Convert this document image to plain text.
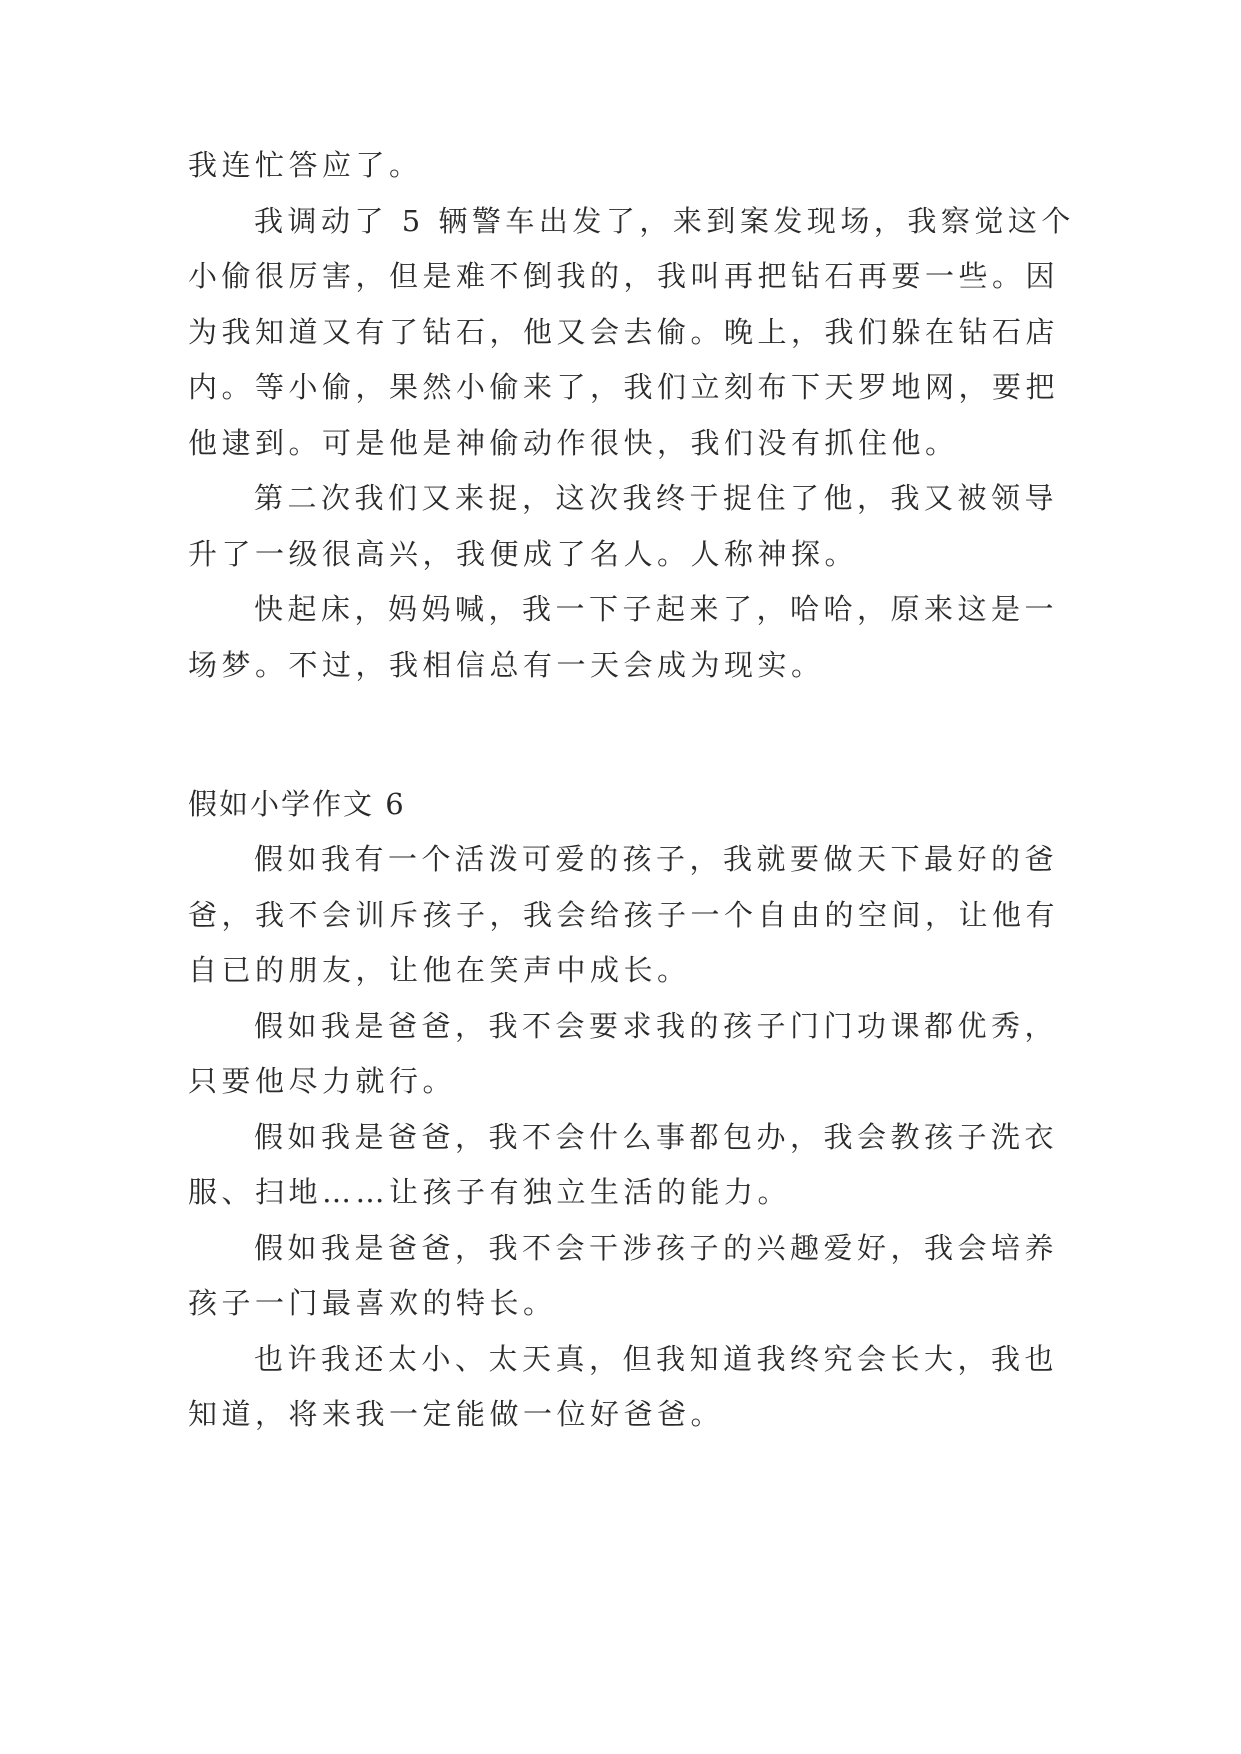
我连忙答应了。
我调动了 5 辆警车出发了，来到案发现场，我察觉这个
小偷很厉害，但是难不倒我的，我叫再把钻石再要一些。因
为我知道又有了钻石，他又会去偷。晚上，我们躲在钻石店
内。等小偷，果然小偷来了，我们立刻布下天罗地网，要把
他逮到。可是他是神偷动作很快，我们没有抓住他。
第二次我们又来捉，这次我终于捉住了他，我又被领导
升了一级很高兴，我便成了名人。人称神探。
快起床，妈妈喊，我一下子起来了，哈哈，原来这是一
场梦。不过，我相信总有一天会成为现实。
假如小学作文 6
假如我有一个活泼可爱的孩子，我就要做天下最好的爸
爸，我不会训斥孩子，我会给孩子一个自由的空间，让他有
自已的朋友，让他在笑声中成长。
假如我是爸爸，我不会要求我的孩子门门功课都优秀，
只要他尽力就行。
假如我是爸爸，我不会什么事都包办，我会教孩子洗衣
服、扫地……让孩子有独立生活的能力。
假如我是爸爸，我不会干涉孩子的兴趣爱好，我会培养
孩子一门最喜欢的特长。
也许我还太小、太天真，但我知道我终究会长大，我也
知道，将来我一定能做一位好爸爸。
